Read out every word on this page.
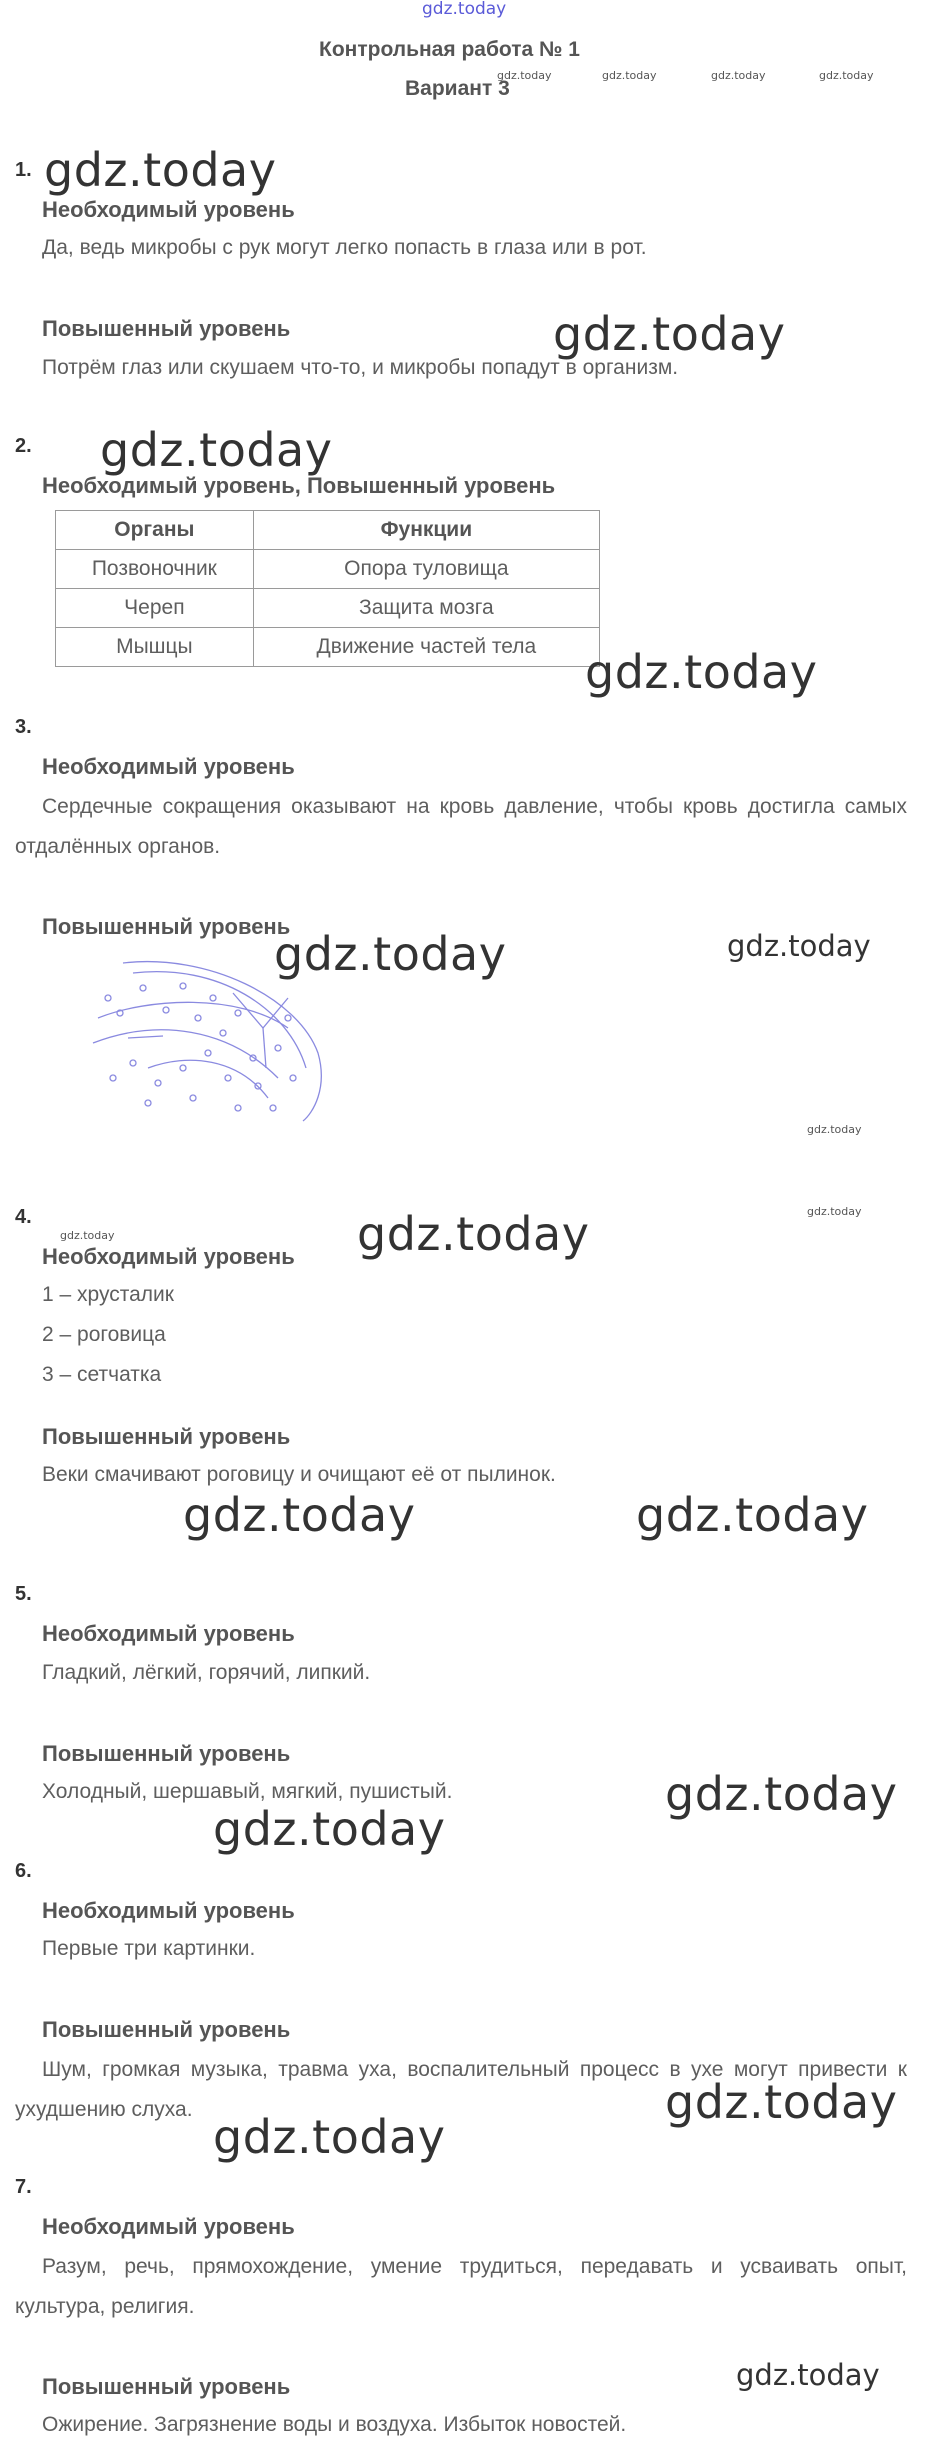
gdz.today
Контрольная работа № 1
Вариант 3
gdz.today	gdz.today	gdz.today	gdz.today
1. gdz.today
Необходимый уровень
Да, ведь микробы с рук могут легко попасть в глаза или в рот.
Повышенный уровень	gdz.today
Потрём глаз или скушаем что-то, и микробы попадут в организм.
2. gdz.today
Необходимый уровень, Повышенный уровень
Органы	Функции
Позвоночник	Опора туловища
Череп	Защита мозга
Мышцы	Движение частей тела gdz.today
3.
Необходимый уровень
Сердечные сокращения оказывают на кровь давление, чтобы кровь достигла самых отдалённых органов.
Повышенный уровень
gdz.today	gdz.today
gdz.today
gdz.today
4.
gdz.today	gdz.today
Необходимый уровень
1 – хрусталик
2 – роговица
3 – сетчатка
Повышенный уровень
Веки смачивают роговицу и очищают её от пылинок.
gdz.today	gdz.today
5.
Необходимый уровень
Гладкий, лёгкий, горячий, липкий.
Повышенный уровень
Холодный, шершавый, мягкий, пушистый.	gdz.today
gdz.today
6.
Необходимый уровень
Первые три картинки.
Повышенный уровень
Шум, громкая музыка, травма уха, воспалительный процесс в ухе могут привести к ухудшению слуха.	gdz.today
gdz.today
7.
Необходимый уровень
Разум, речь, прямохождение, умение трудиться, передавать и усваивать опыт, культура, религия.
gdz.today
Повышенный уровень
Ожирение. Загрязнение воды и воздуха. Избыток новостей.
